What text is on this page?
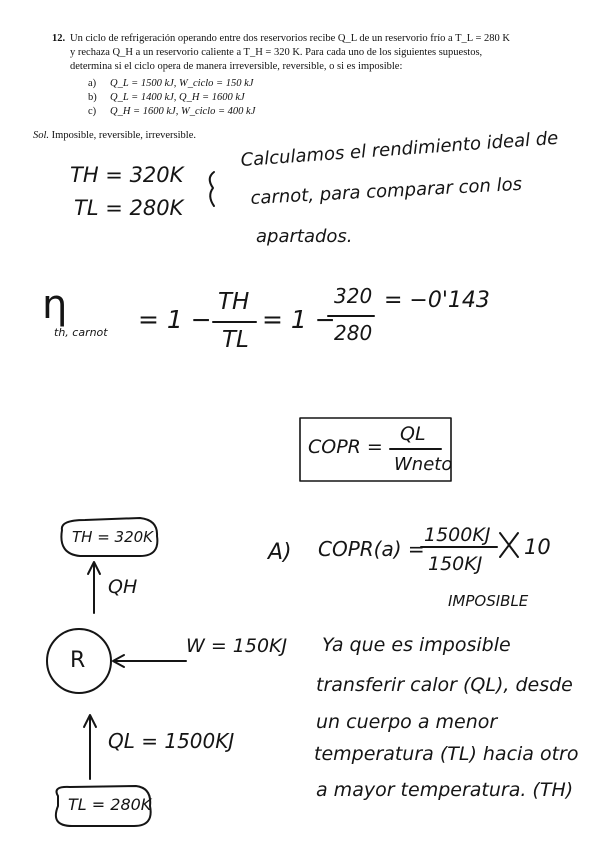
12. Un ciclo de refrigeración operando entre dos reservorios recibe Q_L de un reservorio frío a T_L = 280 K
y rechaza Q_H a un reservorio caliente a T_H = 320 K. Para cada uno de los siguientes supuestos,
determina si el ciclo opera de manera irreversible, reversible, o si es imposible:
a) Q_L = 1500 kJ, W_ciclo = 150 kJ
b) Q_L = 1400 kJ, Q_H = 1600 kJ
c) Q_H = 1600 kJ, W_ciclo = 400 kJ
Sol. Imposible, reversible, irreversible.
TH = 320K
TL = 280K
Calculamos el rendimiento ideal de
carnot, para comparar con los
apartados.
η
th, carnot = 1 −
TH
TL
= 1 −
320
280
= −0'143
COPR =
QL
Wneto
TH = 320K
QH
R
W = 150KJ
QL = 1500KJ
TL = 280K
A) COPR(a) =
1500KJ
150KJ
10
IMPOSIBLE
Ya que es imposible
transferir calor (QL), desde
un cuerpo a menor
temperatura (TL) hacia otro
a mayor temperatura. (TH)
